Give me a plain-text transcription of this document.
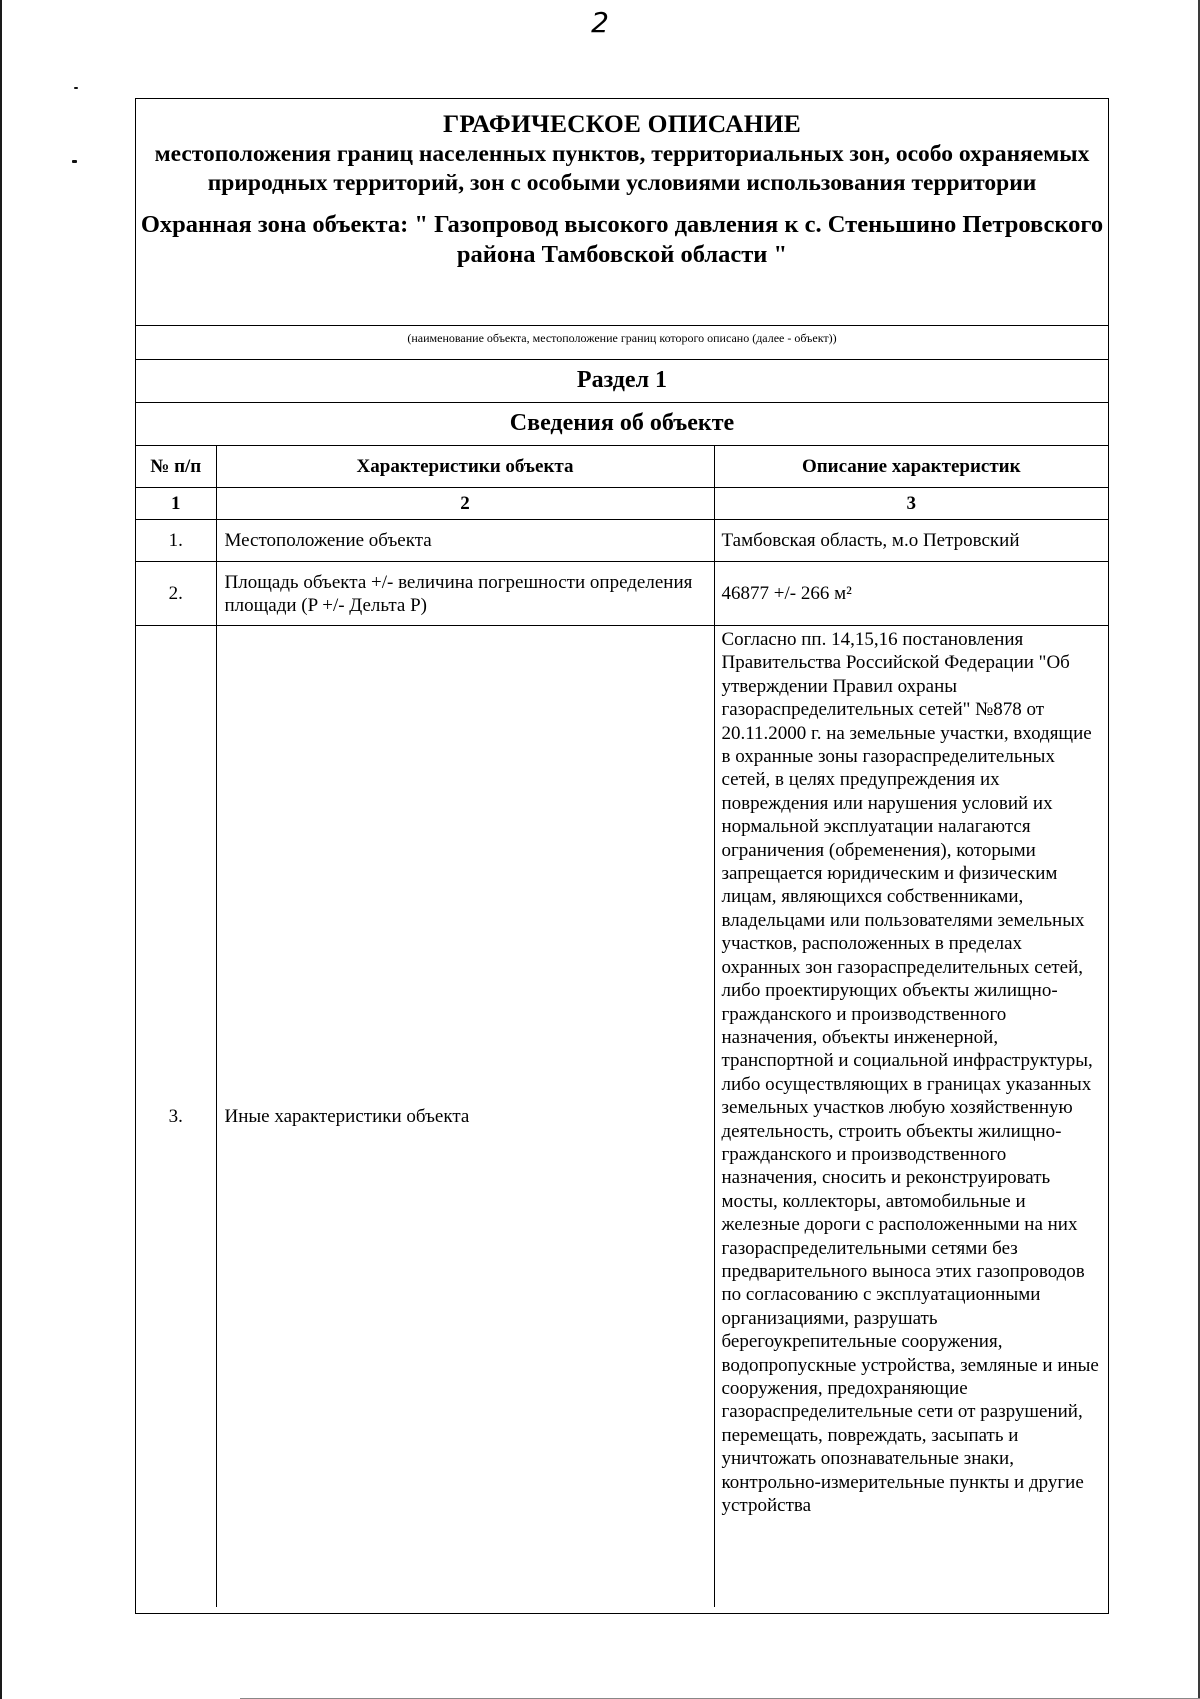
2
ГРАФИЧЕСКОЕ ОПИСАНИЕ
местоположения границ населенных пунктов, территориальных зон, особо охраняемых природных территорий, зон с особыми условиями использования территории
Охранная зона объекта: " Газопровод высокого давления к с. Стеньшино Петровского района Тамбовской области "
(наименование объекта, местоположение границ которого описано (далее - объект))
Раздел 1
Сведения об объекте
№ п/п	Характеристики объекта	Описание характеристик
1	2	3
1.	Местоположение объекта	Тамбовская область, м.о Петровский
2.	Площадь объекта +/- величина погрешности определения площади (P +/- Дельта P)	46877 +/- 266 м²
3.	Иные характеристики объекта	Согласно пп. 14,15,16 постановления Правительства Российской Федерации "Об утверждении Правил охраны газораспределительных сетей" №878 от 20.11.2000 г. на земельные участки, входящие в охранные зоны газораспределительных сетей, в целях предупреждения их повреждения или нарушения условий их нормальной эксплуатации налагаются ограничения (обременения), которыми запрещается юридическим и физическим лицам, являющихся собственниками, владельцами или пользователями земельных участков, расположенных в пределах охранных зон газораспределительных сетей, либо проектирующих объекты жилищно-гражданского и производственного назначения, объекты инженерной, транспортной и социальной инфраструктуры, либо осуществляющих в границах указанных земельных участков любую хозяйственную деятельность, строить объекты жилищно-гражданского и производственного назначения, сносить и реконструировать мосты, коллекторы, автомобильные и железные дороги с расположенными на них газораспределительными сетями без предварительного выноса этих газопроводов по согласованию с эксплуатационными организациями, разрушать берегоукрепительные сооружения, водопропускные устройства, земляные и иные сооружения, предохраняющие газораспределительные сети от разрушений, перемещать, повреждать, засыпать и уничтожать опознавательные знаки, контрольно-измерительные пункты и другие устройства
